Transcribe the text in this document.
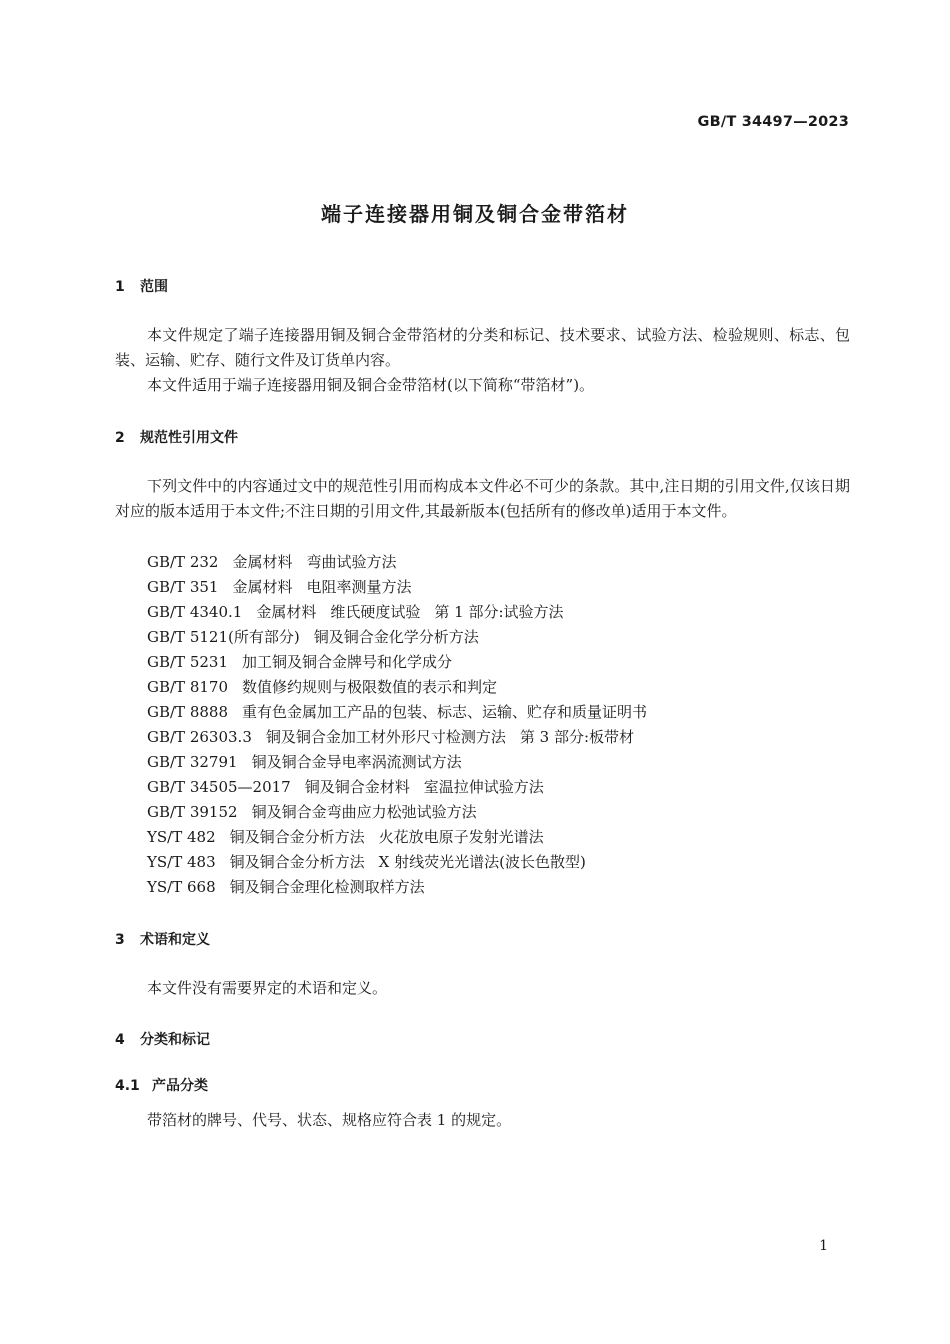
GB/T 34497—2023
端子连接器用铜及铜合金带箔材
1 范围
本文件规定了端子连接器用铜及铜合金带箔材的分类和标记、技术要求、试验方法、检验规则、标志、包装、运输、贮存、随行文件及订货单内容。
本文件适用于端子连接器用铜及铜合金带箔材(以下简称“带箔材”)。
2 规范性引用文件
下列文件中的内容通过文中的规范性引用而构成本文件必不可少的条款。其中,注日期的引用文件,仅该日期对应的版本适用于本文件;不注日期的引用文件,其最新版本(包括所有的修改单)适用于本文件。
GB/T 232 金属材料 弯曲试验方法
GB/T 351 金属材料 电阻率测量方法
GB/T 4340.1 金属材料 维氏硬度试验 第 1 部分:试验方法
GB/T 5121(所有部分) 铜及铜合金化学分析方法
GB/T 5231 加工铜及铜合金牌号和化学成分
GB/T 8170 数值修约规则与极限数值的表示和判定
GB/T 8888 重有色金属加工产品的包装、标志、运输、贮存和质量证明书
GB/T 26303.3 铜及铜合金加工材外形尺寸检测方法 第 3 部分:板带材
GB/T 32791 铜及铜合金导电率涡流测试方法
GB/T 34505—2017 铜及铜合金材料 室温拉伸试验方法
GB/T 39152 铜及铜合金弯曲应力松弛试验方法
YS/T 482 铜及铜合金分析方法 火花放电原子发射光谱法
YS/T 483 铜及铜合金分析方法 X 射线荧光光谱法(波长色散型)
YS/T 668 铜及铜合金理化检测取样方法
3 术语和定义
本文件没有需要界定的术语和定义。
4 分类和标记
4.1 产品分类
带箔材的牌号、代号、状态、规格应符合表 1 的规定。
1
